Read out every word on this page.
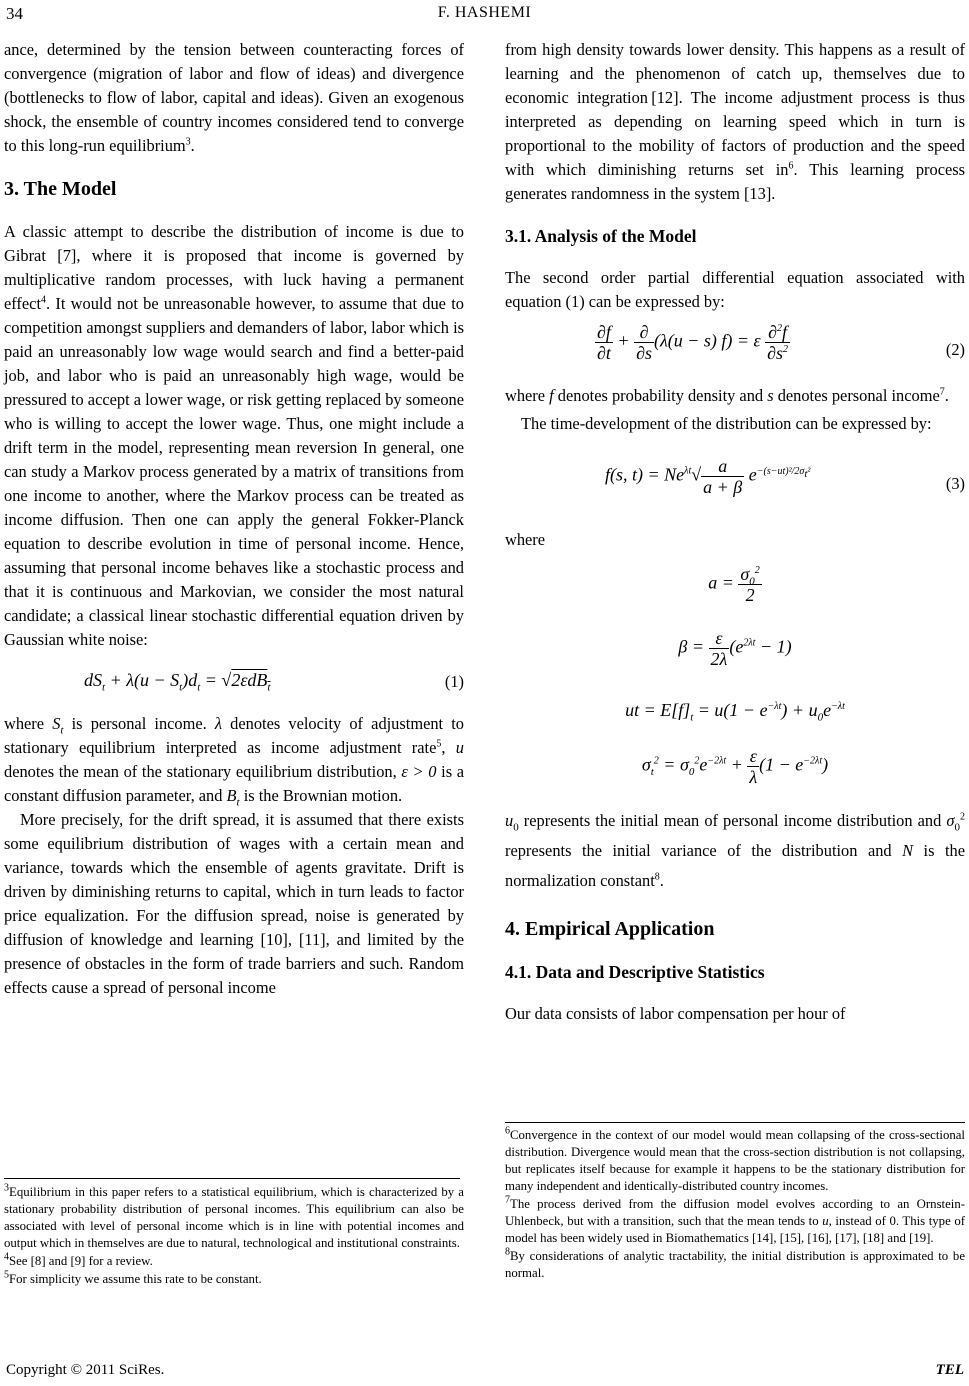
34	F. HASHEMI

ance, determined by the tension between counteracting forces of convergence (migration of labor and flow of ideas) and divergence (bottlenecks to flow of labor, capital and ideas). Given an exogenous shock, the ensemble of country incomes considered tend to converge to this long-run equilibrium$^3$.

3. The Model

A classic attempt to describe the distribution of income is due to Gibrat [7], where it is proposed that income is governed by multiplicative random processes, with luck having a permanent effect$^4$. It would not be unreasonable however, to assume that due to competition amongst suppliers and demanders of labor, labor which is paid an unreasonably low wage would search and find a better-paid job, and labor who is paid an unreasonably high wage, would be pressured to accept a lower wage, or risk getting replaced by someone who is willing to accept the lower wage. Thus, one might include a drift term in the model, representing mean reversion In general, one can study a Markov process generated by a matrix of transitions from one income to another, where the Markov process can be treated as income diffusion. Then one can apply the general Fokker-Planck equation to describe evolution in time of personal income. Hence, assuming that personal income behaves like a stochastic process and that it is continuous and Markovian, we consider the most natural candidate; a classical linear stochastic differential equation driven by Gaussian white noise:

$dS_t + \lambda(u - S_t)d_t = √2\varepsilon dB_t$	(1)

where $S_t$ is personal income. λ denotes velocity of adjustment to stationary equilibrium interpreted as income adjustment rate$^5$, u denotes the mean of the stationary equilibrium distribution, ε > 0 is a constant diffusion parameter, and $B_t$ is the Brownian motion.

More precisely, for the drift spread, it is assumed that there exists some equilibrium distribution of wages with a certain mean and variance, towards which the ensemble of agents gravitate. Drift is driven by diminishing returns to capital, which in turn leads to factor price equalization. For the diffusion spread, noise is generated by diffusion of knowledge and learning [10], [11], and limited by the presence of obstacles in the form of trade barriers and such. Random effects cause a spread of personal income

from high density towards lower density. This happens as a result of learning and the phenomenon of catch up, themselves due to economic integration [12]. The income adjustment process is thus interpreted as depending on learning speed which in turn is proportional to the mobility of factors of production and the speed with which diminishing returns set $in^6$. This learning process generates randomness in the system [13].

3.1. Analysis of the Model

The second order partial differential equation associated with equation (1) can be expressed by:

$\frac{\partial f}{\partial t} + \frac{\partial}{\partial s} (\lambda(u - s) f) = \varepsilon \frac{\partial^2f}{\partial s^2}$	(2)

where f denotes probability density and s denotes personal income$^7$.

The time-development of the distribution can be expressed by:

f(s, $t) = Ne^{\lambda t}√ \frac{a}{a + \beta} e^{-(s-ut)^2/2\sigma_t^2}$
(3)

where

$a = \frac{\sigma_0^2}{2}$
$\beta = \frac{\varepsilon}{2\lambda} (e^{2\lambda t} - 1)$
ut = $E[f]_t = u(1 - e^{-\lambda t}) + u_0e^{-\lambda t}$
$\sigma_t^2 = \sigma_0^2e^{-2\lambda t} + \frac{\varepsilon}{\lambda} (1 - e^{-2\lambda t})$

$u_0$ represents the initial mean of personal income distribution and $\sigma_0^2$ represents the initial variance of the distribution and N is the normalization constant$^8$.

4. Empirical Application
4.1. Data and Descriptive Statistics

Our data consists of labor compensation per hour of

$^3$Equilibrium in this paper refers to a statistical equilibrium, which is characterized by a stationary probability distribution of personal incomes. This equilibrium can also be associated with level of personal income which is in line with potential incomes and output which in themselves are due to natural, technological and institutional constraints.

$^4$See [8] and [9] for a review.

$^5$For simplicity we assume this rate to be constant.

$^6$Convergence in the context of our model would mean collapsing of the cross-sectional distribution. Divergence would mean that the cross-section distribution is not collapsing, but replicates itself because for example it happens to be the stationary distribution for many independent and identically-distributed country incomes.

$^7$The process derived from the diffusion model evolves according to an Ornstein-Uhlenbeck, but with a transition, such that the mean tends to u, instead of 0. This type of model has been widely used in Biomathematics [14], [15], [16], [17], [18] and [19].

$^8$By considerations of analytic tractability, the initial distribution is approximated to be normal.

Copyright © 2011 SciRes.	TEL
